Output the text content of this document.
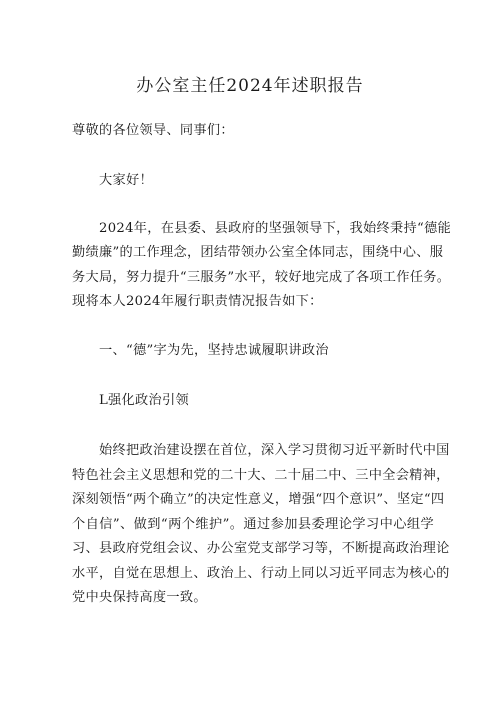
办公室主任2024年述职报告
尊敬的各位领导、同事们：
大家好！
2024年，在县委、县政府的坚强领导下，我始终秉持“德能
勤绩廉”的工作理念，团结带领办公室全体同志，围绕中心、服
务大局，努力提升“三服务”水平，较好地完成了各项工作任务。
现将本人2024年履行职责情况报告如下：
一、“德”字为先，坚持忠诚履职讲政治
L强化政治引领
始终把政治建设摆在首位，深入学习贯彻习近平新时代中国
特色社会主义思想和党的二十大、二十届二中、三中全会精神，
深刻领悟“两个确立”的决定性意义，增强“四个意识”、坚定“四
个自信”、做到“两个维护”。通过参加县委理论学习中心组学
习、县政府党组会议、办公室党支部学习等，不断提高政治理论
水平，自觉在思想上、政治上、行动上同以习近平同志为核心的
党中央保持高度一致。
